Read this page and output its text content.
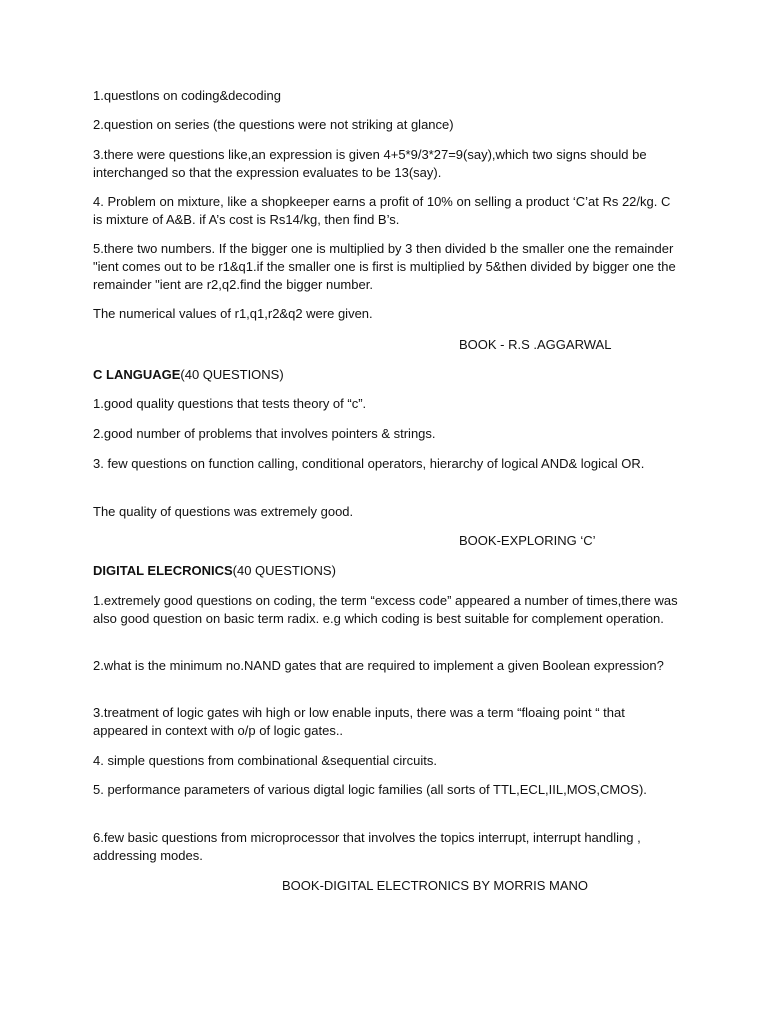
1.questlons on coding&decoding

2.question on series (the questions were not striking at glance)

3.there were questions like,an expression is given 4+5*9/3*27=9(say),which two signs should be interchanged so that the expression evaluates to be 13(say).

4. Problem on mixture, like a shopkeeper earns a profit of 10% on selling a product ‘C’at Rs 22/kg. C is mixture of A&B. if A’s cost is Rs14/kg, then find B’s.

5.there two numbers. If the bigger one is multiplied by 3 then divided b the smaller one the remainder "ient comes out to be r1&q1.if the smaller one is first is multiplied by 5&then divided by bigger one the remainder "ient are r2,q2.find the bigger number.

The numerical values of r1,q1,r2&q2 were given.

BOOK - R.S .AGGARWAL

C LANGUAGE(40 QUESTIONS)

1.good quality questions that tests theory of “c”.

2.good number of problems that involves pointers & strings.

3. few questions on function calling, conditional operators, hierarchy of logical AND& logical OR.

The quality of questions was extremely good.

BOOK-EXPLORING ‘C’

DIGITAL ELECRONICS(40 QUESTIONS)

1.extremely good questions on coding, the term “excess code” appeared a number of times,there was also good question on basic term radix. e.g which coding is best suitable for complement operation.

2.what is the minimum no.NAND gates that are required to implement a given Boolean expression?

3.treatment of logic gates wih high or low enable inputs, there was a term “floaing point “ that appeared in context with o/p of logic gates..

4. simple questions from combinational &sequential circuits.

5. performance parameters of various digtal logic families (all sorts of TTL,ECL,IIL,MOS,CMOS).

6.few basic questions from microprocessor that involves the topics interrupt, interrupt handling , addressing modes.

BOOK-DIGITAL ELECTRONICS BY MORRIS MANO
